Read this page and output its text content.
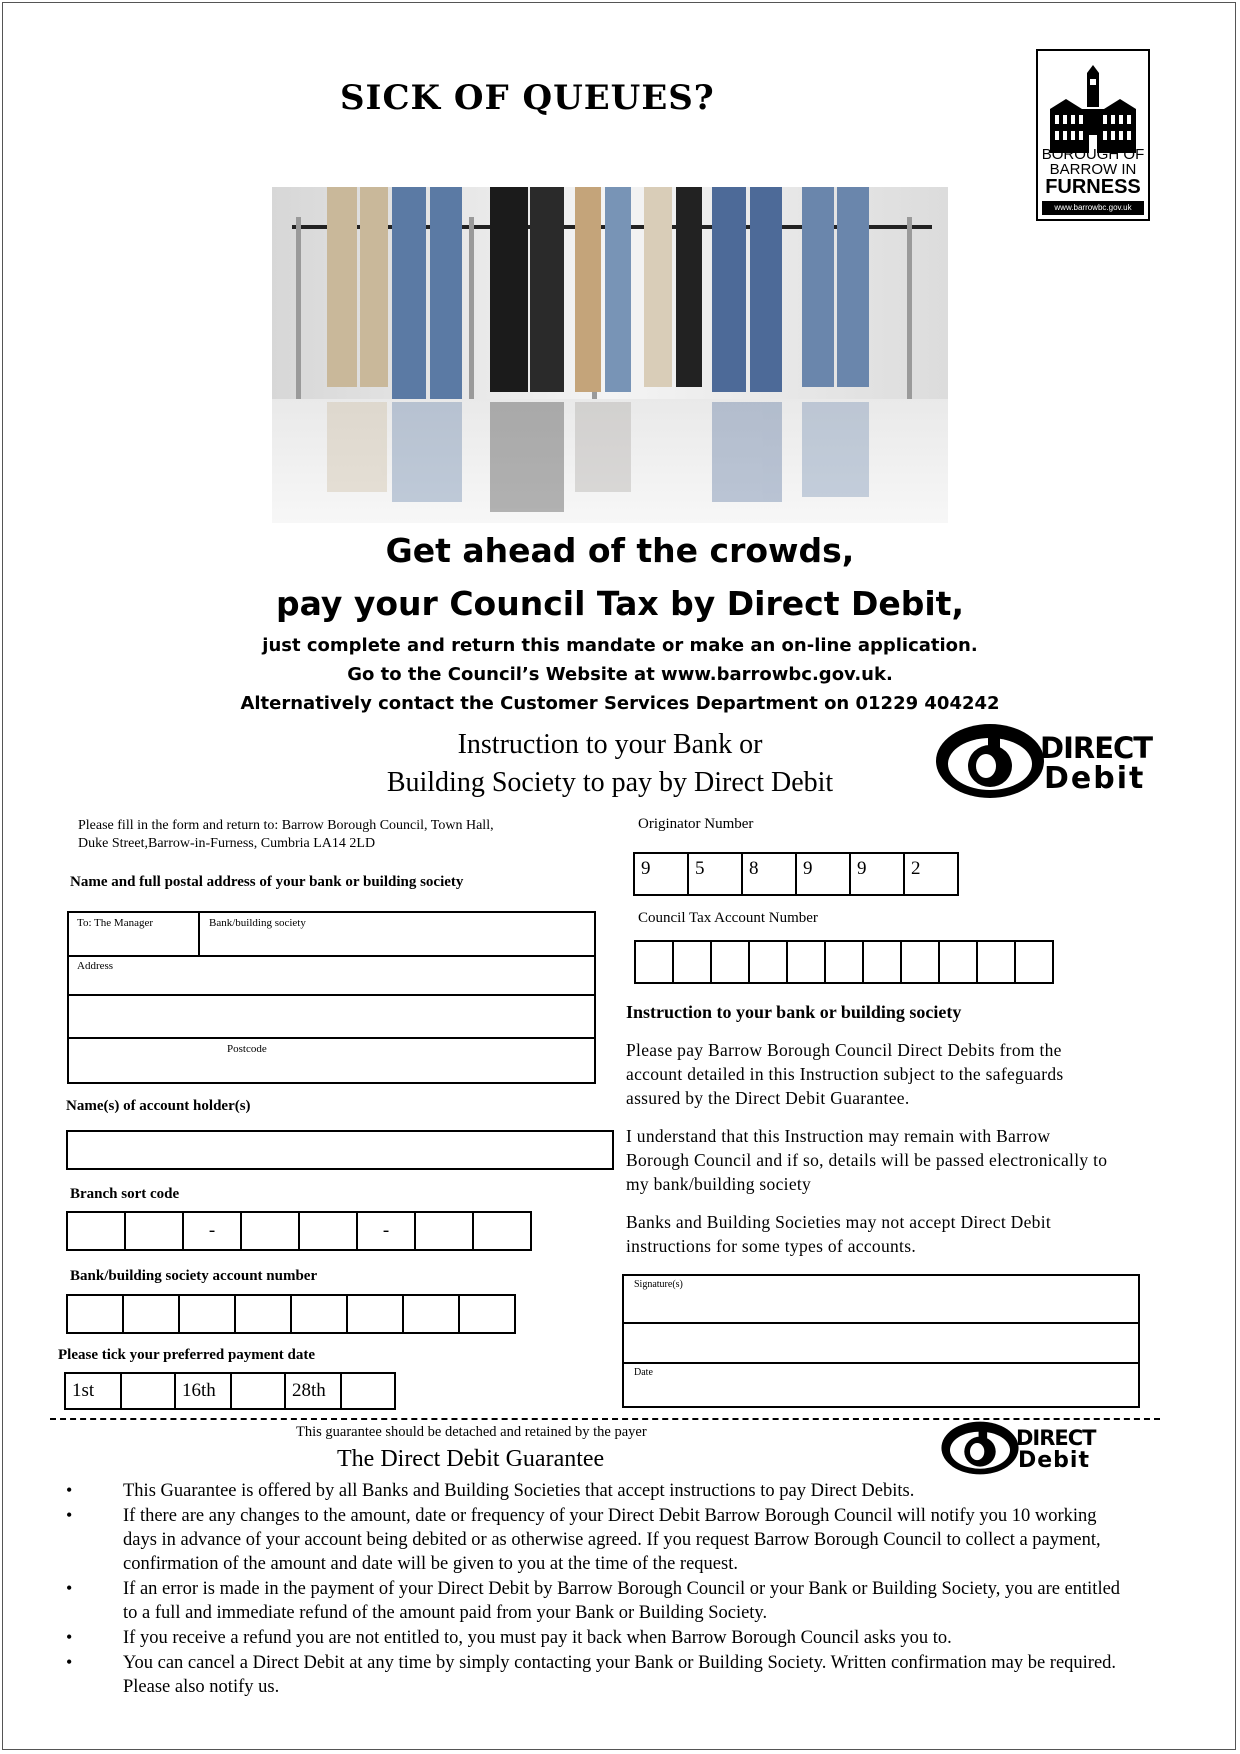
SICK OF QUEUES?
BOROUGH OF
BARROW IN
FURNESS
www.barrowbc.gov.uk
Get ahead of the crowds,
pay your Council Tax by Direct Debit,
just complete and return this mandate or make an on-line application.
Go to the Council’s Website at www.barrowbc.gov.uk.
Alternatively contact the Customer Services Department on 01229 404242
Instruction to your Bank or
Building Society to pay by Direct Debit
DIRECT
Debit
Please fill in the form and return to: Barrow Borough Council, Town Hall,
Duke Street,Barrow-in-Furness, Cumbria LA14 2LD
Name and full postal address of your bank or building society
To: The Manager	Bank/building society
Address
Postcode
Name(s) of account holder(s)
Branch sort code
		-			-		
Bank/building society account number

Please tick your preferred payment date
1st		16th		28th	
Originator Number
9	5	8	9	9	2
Council Tax Account Number

Instruction to your bank or building society
Please pay Barrow Borough Council Direct Debits from the account detailed in this Instruction subject to the safeguards assured by the Direct Debit Guarantee.
I understand that this Instruction may remain with Barrow Borough Council and if so, details will be passed electronically to my bank/building society
Banks and Building Societies may not accept Direct Debit instructions for some types of accounts.
Signature(s)
Date
This guarantee should be detached and retained by the payer
The Direct Debit Guarantee
DIRECT
Debit
•	This Guarantee is offered by all Banks and Building Societies that accept instructions to pay Direct Debits.
•	If there are any changes to the amount, date or frequency of your Direct Debit Barrow Borough Council will notify you 10 working days in advance of your account being debited or as otherwise agreed. If you request Barrow Borough Council to collect a payment, confirmation of the amount and date will be given to you at the time of the request.
•	If an error is made in the payment of your Direct Debit by Barrow Borough Council or your Bank or Building Society, you are entitled to a full and immediate refund of the amount paid from your Bank or Building Society.
•	If you receive a refund you are not entitled to, you must pay it back when Barrow Borough Council asks you to.
•	You can cancel a Direct Debit at any time by simply contacting your Bank or Building Society. Written confirmation may be required. Please also notify us.
